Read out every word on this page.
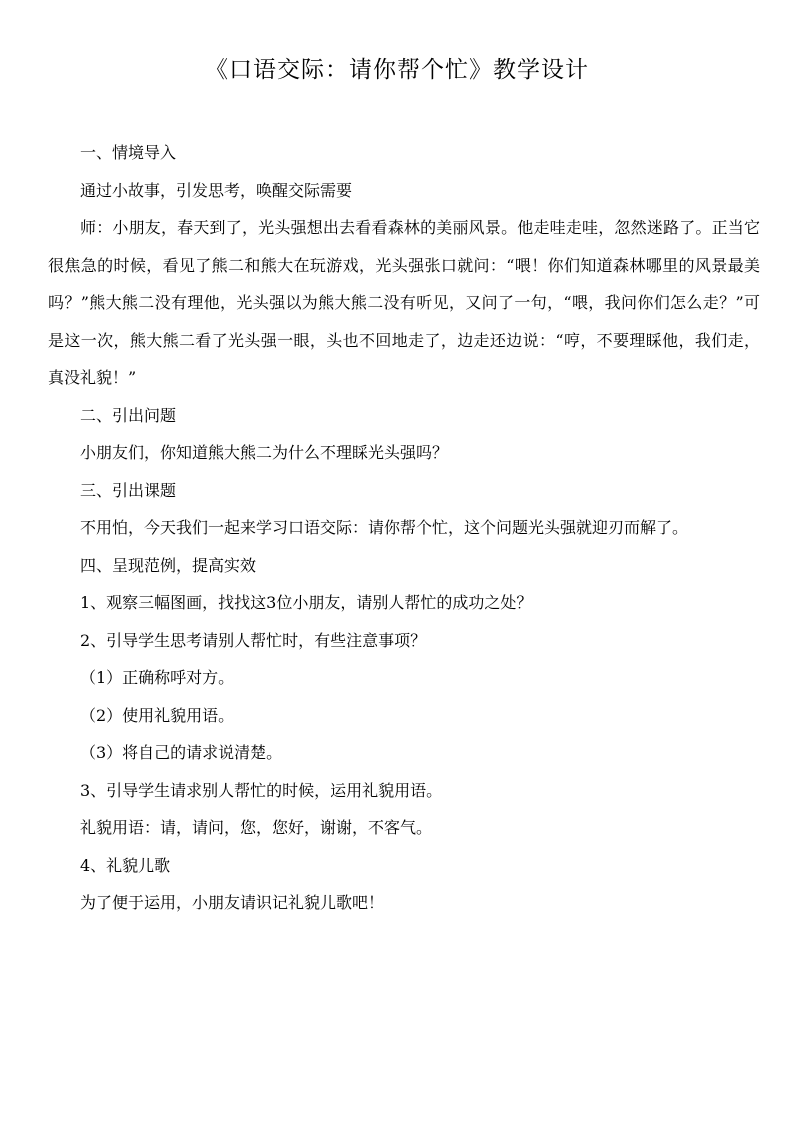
《口语交际：请你帮个忙》教学设计

一、情境导入

通过小故事，引发思考，唤醒交际需要

师：小朋友，春天到了，光头强想出去看看森林的美丽风景。他走哇走哇，忽然迷路了。正当它很焦急的时候，看见了熊二和熊大在玩游戏，光头强张口就问：“喂！你们知道森林哪里的风景最美吗？”熊大熊二没有理他，光头强以为熊大熊二没有听见，又问了一句，“喂，我问你们怎么走？”可是这一次，熊大熊二看了光头强一眼，头也不回地走了，边走还边说：“哼，不要理睬他，我们走，真没礼貌！”

二、引出问题

小朋友们，你知道熊大熊二为什么不理睬光头强吗？

三、引出课题

不用怕，今天我们一起来学习口语交际：请你帮个忙，这个问题光头强就迎刃而解了。

四、呈现范例，提高实效

1、观察三幅图画，找找这3位小朋友，请别人帮忙的成功之处？

2、引导学生思考请别人帮忙时，有些注意事项？

（1）正确称呼对方。

（2）使用礼貌用语。

（3）将自己的请求说清楚。

3、引导学生请求别人帮忙的时候，运用礼貌用语。

礼貌用语：请，请问，您，您好，谢谢，不客气。

4、礼貌儿歌

为了便于运用，小朋友请识记礼貌儿歌吧！
